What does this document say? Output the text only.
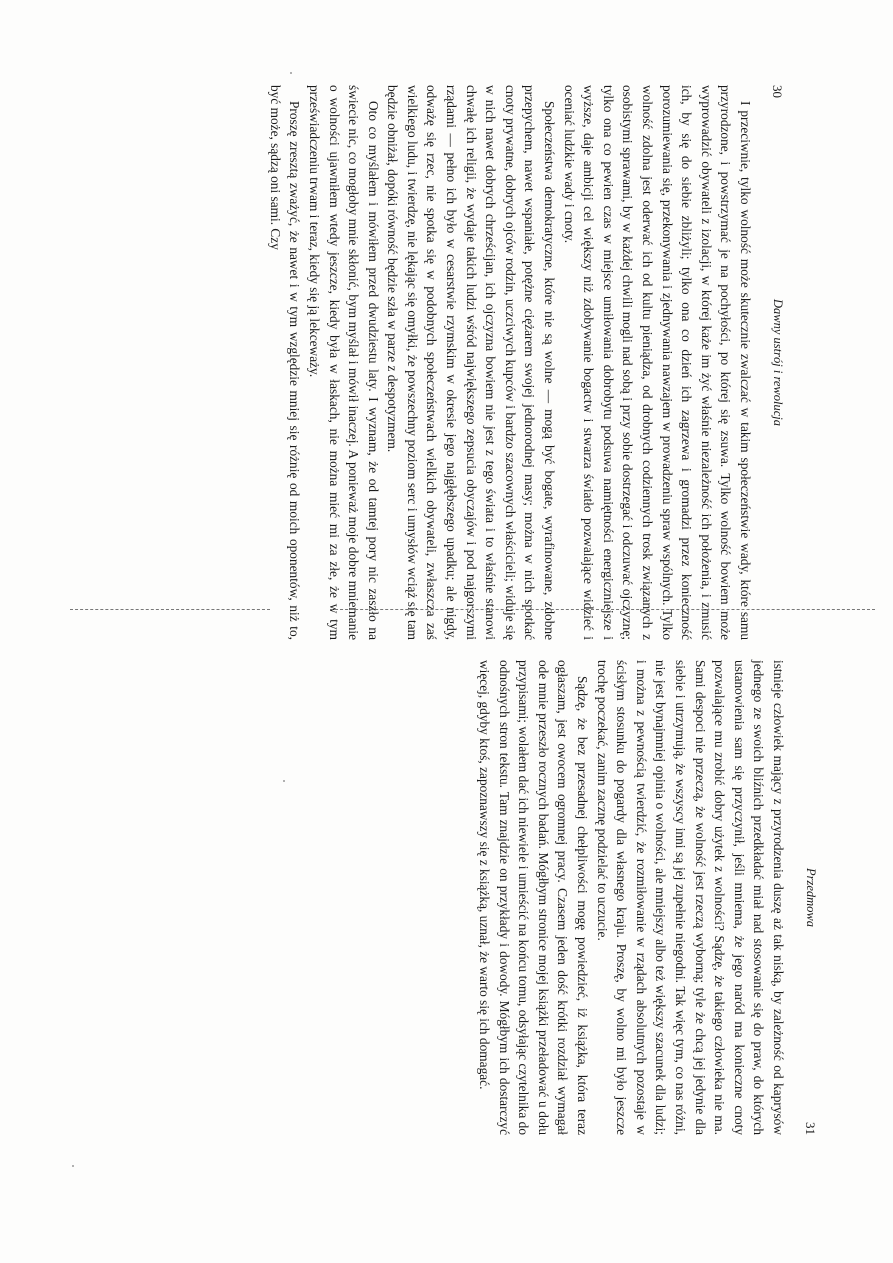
30
Dawny ustrój i rewolucja

I przeciwnie, tylko wolność może skutecznie zwalczać w takim społeczeństwie wady, które samu przyrodzone, i powstrzymać je na pochyłości, po której się zsuwa. Tylko wolność bowiem może wyprowadzić obywateli z izolacji, w której każe im żyć właśnie niezależność ich położenia, i zmusić ich, by się do siebie zbliżyli; tylko ona co dzień ich zagrzewa i gromadzi przez konieczność porozumiewania się, przekonywania i zjednywania nawzajem w prowadzeniu spraw wspólnych. Tylko wolność zdolna jest oderwać ich od kultu pieniądza, od drobnych codziennych trosk związanych z osobistymi sprawami, by w każdej chwili mogli nad sobą i przy sobie dostrzegać i odczuwać ojczyznę; tylko ona co pewien czas w miejsce umiłowania dobrobytu podsuwa namiętności energiczniejsze i wyższe, daje ambicji cel większy niż zdobywanie bogactw i stwarza światło pozwalające widzieć i oceniać ludzkie wady i cnoty.

Społeczeństwa demokratyczne, które nie są wolne — mogą być bogate, wyrafinowane, zdobne przepychem, nawet wspaniałe, potężne ciężarem swojej jednorodnej masy; można w nich spotkać cnoty prywatne, dobrych ojców rodzin, uczciwych kupców i bardzo szacownych właścicieli; widuje się w nich nawet dobrych chrześcijan, ich ojczyzna bowiem nie jest z tego świata i to właśnie stanowi chwałę ich religii, że wydaje takich ludzi wśród największego zepsucia obyczajów i pod najgorszymi rządami — pełno ich było w cesarstwie rzymskim w okresie jego najgłębszego upadku; ale nigdy, odważę się rzec, nie spotka się w podobnych społeczeństwach wielkich obywateli, zwłaszcza zaś wielkiego ludu, i twierdzę, nie lękając się omyłki, że powszechny poziom serc i umysłów wciąż się tam będzie obniżał, dopóki równość będzie szła w parze z despotyzmem.

Oto co myślałem i mówiłem przed dwudziestu laty. I wyznam, że od tamtej pory nic zaszło na świecie nic, co mogłoby mnie skłonić, bym myślał i mówił inaczej. A ponieważ moje dobre mniemanie o wolności ujawniłem wtedy jeszcze, kiedy była w łaskach, nie można mieć mi za złe, że w tym przeświadczeniu trwam i teraz, kiedy się ją lekceważy.

Proszę zresztą zważyć, że nawet i w tym względzie mniej się różnię od moich oponentów, niż to, być może, sądzą oni sami. Czy

Przedmowa
31

istnieje człowiek mający z przyrodzenia duszę aż tak niską, by zależność od kaprysów jednego ze swoich bliźnich przedkładać miał nad stosowanie się do praw, do których ustanowienia sam się przyczynił, jeśli mniema, że jego naród ma konieczne cnoty pozwalające mu zrobić dobry użytek z wolności? Sądzę, że takiego człowieka nie ma. Sami despoci nie przeczą, że wolność jest rzeczą wyborną; tyle że chcą jej jedynie dla siebie i utrzymują, że wszyscy inni są jej zupełnie niegodni. Tak więc tym, co nas różni, nie jest bynajmniej opinia o wolności, ale mniejszy albo też większy szacunek dla ludzi; i można z pewnością twierdzić, że rozmiłowanie w rządach absolutnych pozostaje w ścisłym stosunku do pogardy dla własnego kraju. Proszę, by wolno mi było jeszcze trochę poczekać, zanim zacznę podzielać to uczucie.

Sądzę, że bez przesadnej chełpliwości mogę powiedzieć, iż książka, która teraz ogłaszam, jest owocem ogromnej pracy. Czasem jeden dość krótki rozdział wymagał ode mnie przeszło rocznych badań. Mógłbym stronice mojej książki przeładować u dołu przypisami; wolałem dać ich niewiele i umieścić na końcu tomu, odsyłając czytelnika do odnośnych stron tekstu. Tam znajdzie on przykłady i dowody. Mógłbym ich dostarczyć więcej, gdyby ktoś, zapoznawszy się z książką, uznał, że warto się ich domagać.
